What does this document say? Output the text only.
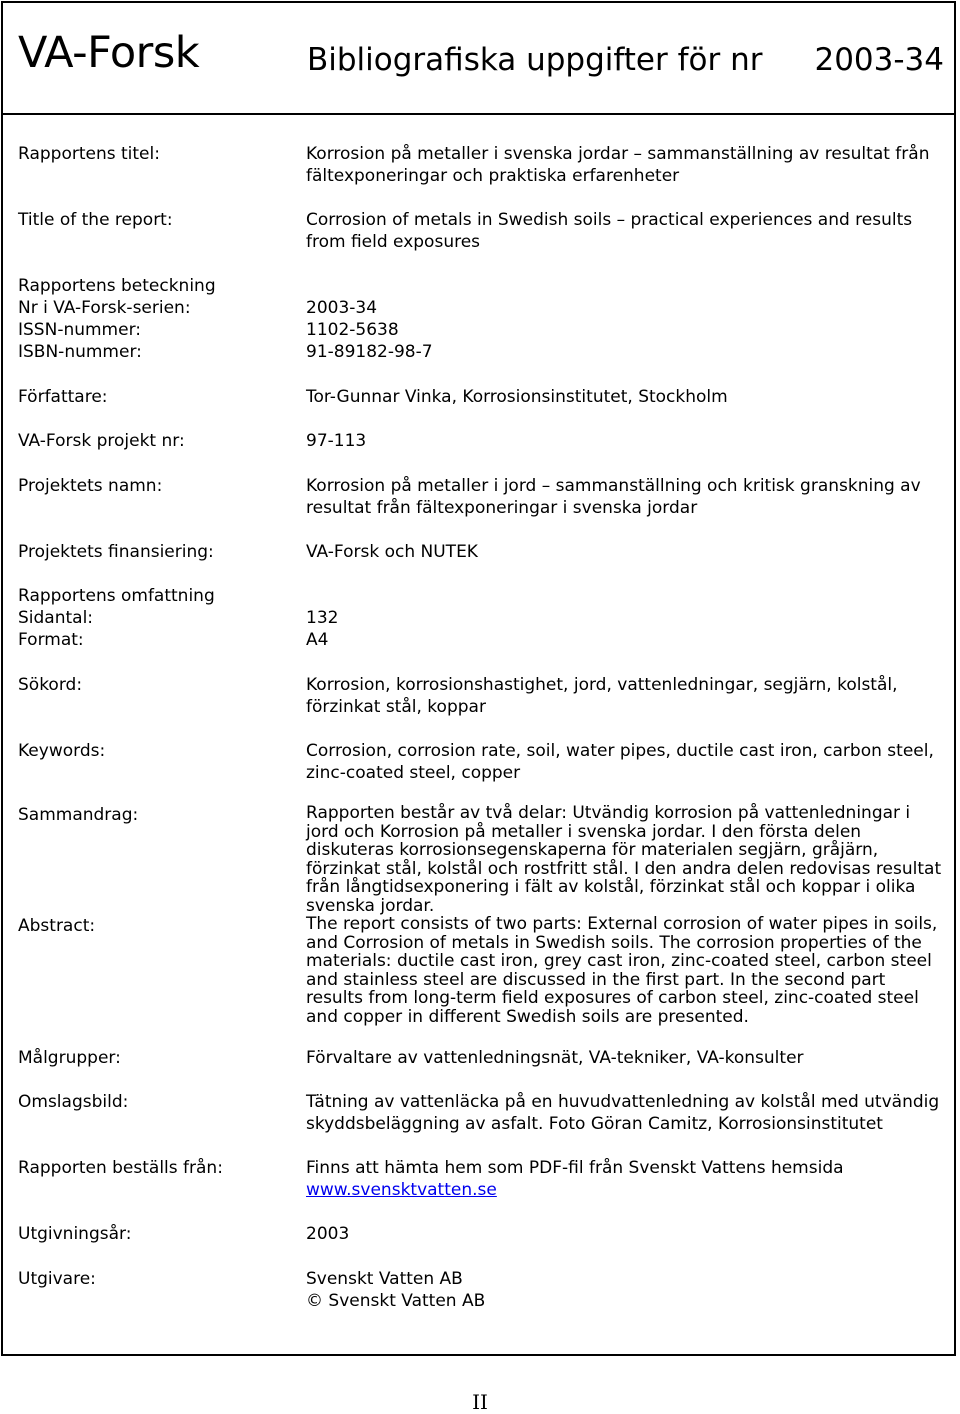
VA-Forsk	Bibliografiska uppgifter för nr 2003-34
Rapportens titel:	Korrosion på metaller i svenska jordar – sammanställning av resultat från fältexponeringar och praktiska erfarenheter
Title of the report:	Corrosion of metals in Swedish soils – practical experiences and results from field exposures
Rapportens beteckning
Nr i VA-Forsk-serien:	2003-34
ISSN-nummer:	1102-5638
ISBN-nummer:	91-89182-98-7
Författare:	Tor-Gunnar Vinka, Korrosionsinstitutet, Stockholm
VA-Forsk projekt nr:	97-113
Projektets namn:	Korrosion på metaller i jord – sammanställning och kritisk granskning av resultat från fältexponeringar i svenska jordar
Projektets finansiering:	VA-Forsk och NUTEK
Rapportens omfattning
Sidantal:	132
Format:	A4
Sökord:	Korrosion, korrosionshastighet, jord, vattenledningar, segjärn, kolstål, förzinkat stål, koppar
Keywords:	Corrosion, corrosion rate, soil, water pipes, ductile cast iron, carbon steel, zinc-coated steel, copper
Sammandrag:	Rapporten består av två delar: Utvändig korrosion på vattenledningar i jord och Korrosion på metaller i svenska jordar. I den första delen diskuteras korrosionsegenskaperna för materialen segjärn, gråjärn, förzinkat stål, kolstål och rostfritt stål. I den andra delen redovisas resultat från långtidsexponering i fält av kolstål, förzinkat stål och koppar i olika svenska jordar.
Abstract:	The report consists of two parts: External corrosion of water pipes in soils, and Corrosion of metals in Swedish soils. The corrosion properties of the materials: ductile cast iron, grey cast iron, zinc-coated steel, carbon steel and stainless steel are discussed in the first part. In the second part results from long-term field exposures of carbon steel, zinc-coated steel and copper in different Swedish soils are presented.
Målgrupper:	Förvaltare av vattenledningsnät, VA-tekniker, VA-konsulter
Omslagsbild:	Tätning av vattenläcka på en huvudvattenledning av kolstål med utvändig skyddsbeläggning av asfalt. Foto Göran Camitz, Korrosionsinstitutet
Rapporten beställs från:	Finns att hämta hem som PDF-fil från Svenskt Vattens hemsida
www.svensktvatten.se
Utgivningsår:	2003
Utgivare:	Svenskt Vatten AB
© Svenskt Vatten AB
II
